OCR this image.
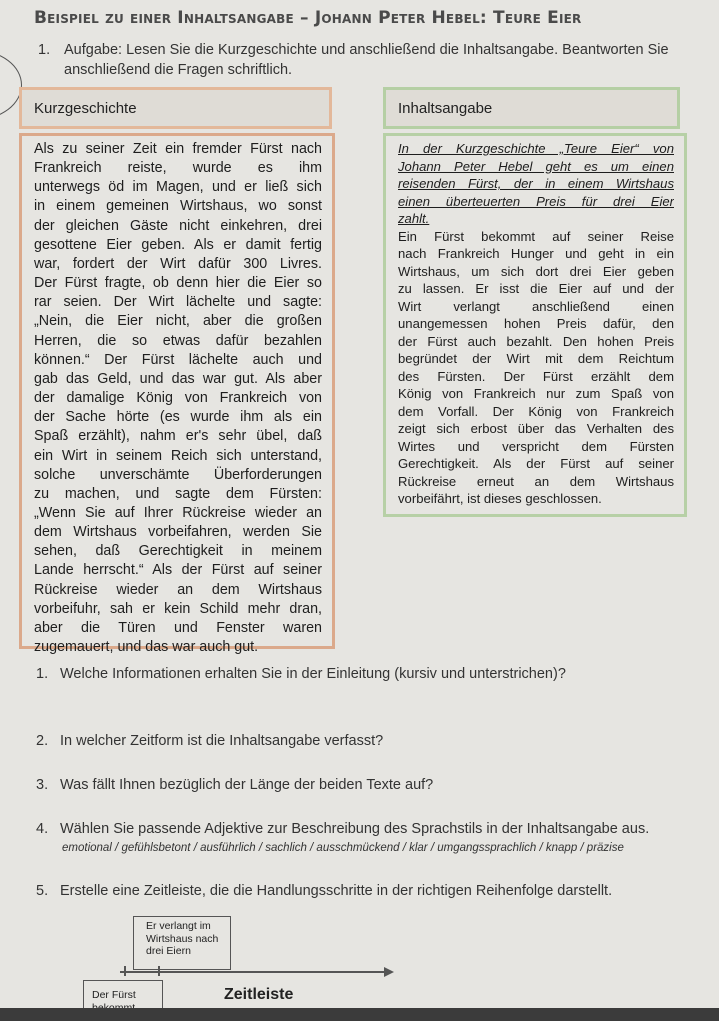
Beispiel zu einer Inhaltsangabe – Johann Peter Hebel: Teure Eier
1. Aufgabe: Lesen Sie die Kurzgeschichte und anschließend die Inhaltsangabe. Beantworten Sie anschließend die Fragen schriftlich.
Kurzgeschichte	Inhaltsangabe

Als zu seiner Zeit ein fremder Fürst nach

Frankreich reiste, wurde es ihm

unterwegs öd im Magen, und er ließ sich

in einem gemeinen Wirtshaus, wo sonst

der gleichen Gäste nicht einkehren, drei

gesottene Eier geben. Als er damit fertig

war, fordert der Wirt dafür 300 Livres.

Der Fürst fragte, ob denn hier die Eier so

rar seien. Der Wirt lächelte und sagte:

„Nein, die Eier nicht, aber die großen

Herren, die so etwas dafür bezahlen

können.“ Der Fürst lächelte auch und

gab das Geld, und das war gut. Als aber

der damalige König von Frankreich von

der Sache hörte (es wurde ihm als ein

Spaß erzählt), nahm er's sehr übel, daß

ein Wirt in seinem Reich sich unterstand,

solche unverschämte Überforderungen

zu machen, und sagte dem Fürsten:

„Wenn Sie auf Ihrer Rückreise wieder an

dem Wirtshaus vorbeifahren, werden Sie

sehen, daß Gerechtigkeit in meinem

Lande herrscht.“ Als der Fürst auf seiner

Rückreise wieder an dem Wirtshaus

vorbeifuhr, sah er kein Schild mehr dran,

aber die Türen und Fenster waren

zugemauert, und das war auch gut.

In der Kurzgeschichte „Teure Eier“ von

Johann Peter Hebel geht es um einen

reisenden Fürst, der in einem Wirtshaus

einen überteuerten Preis für drei Eier

zahlt.

Ein Fürst bekommt auf seiner Reise

nach Frankreich Hunger und geht in ein

Wirtshaus, um sich dort drei Eier geben

zu lassen. Er isst die Eier auf und der

Wirt verlangt anschließend einen

unangemessen hohen Preis dafür, den

der Fürst auch bezahlt. Den hohen Preis

begründet der Wirt mit dem Reichtum

des Fürsten. Der Fürst erzählt dem

König von Frankreich nur zum Spaß von

dem Vorfall. Der König von Frankreich

zeigt sich erbost über das Verhalten des

Wirtes und verspricht dem Fürsten

Gerechtigkeit. Als der Fürst auf seiner

Rückreise erneut an dem Wirtshaus

vorbeifährt, ist dieses geschlossen.

1. Welche Informationen erhalten Sie in der Einleitung (kursiv und unterstrichen)?
2. In welcher Zeitform ist die Inhaltsangabe verfasst?
3. Was fällt Ihnen bezüglich der Länge der beiden Texte auf?
4. Wählen Sie passende Adjektive zur Beschreibung des Sprachstils in der Inhaltsangabe aus.
emotional / gefühlsbetont / ausführlich / sachlich / ausschmückend / klar / umgangssprachlich / knapp / präzise
5. Erstelle eine Zeitleiste, die die Handlungsschritte in der richtigen Reihenfolge darstellt.
Er verlangt im Wirtshaus nach drei Eiern
Der Fürst	Zeitleiste
